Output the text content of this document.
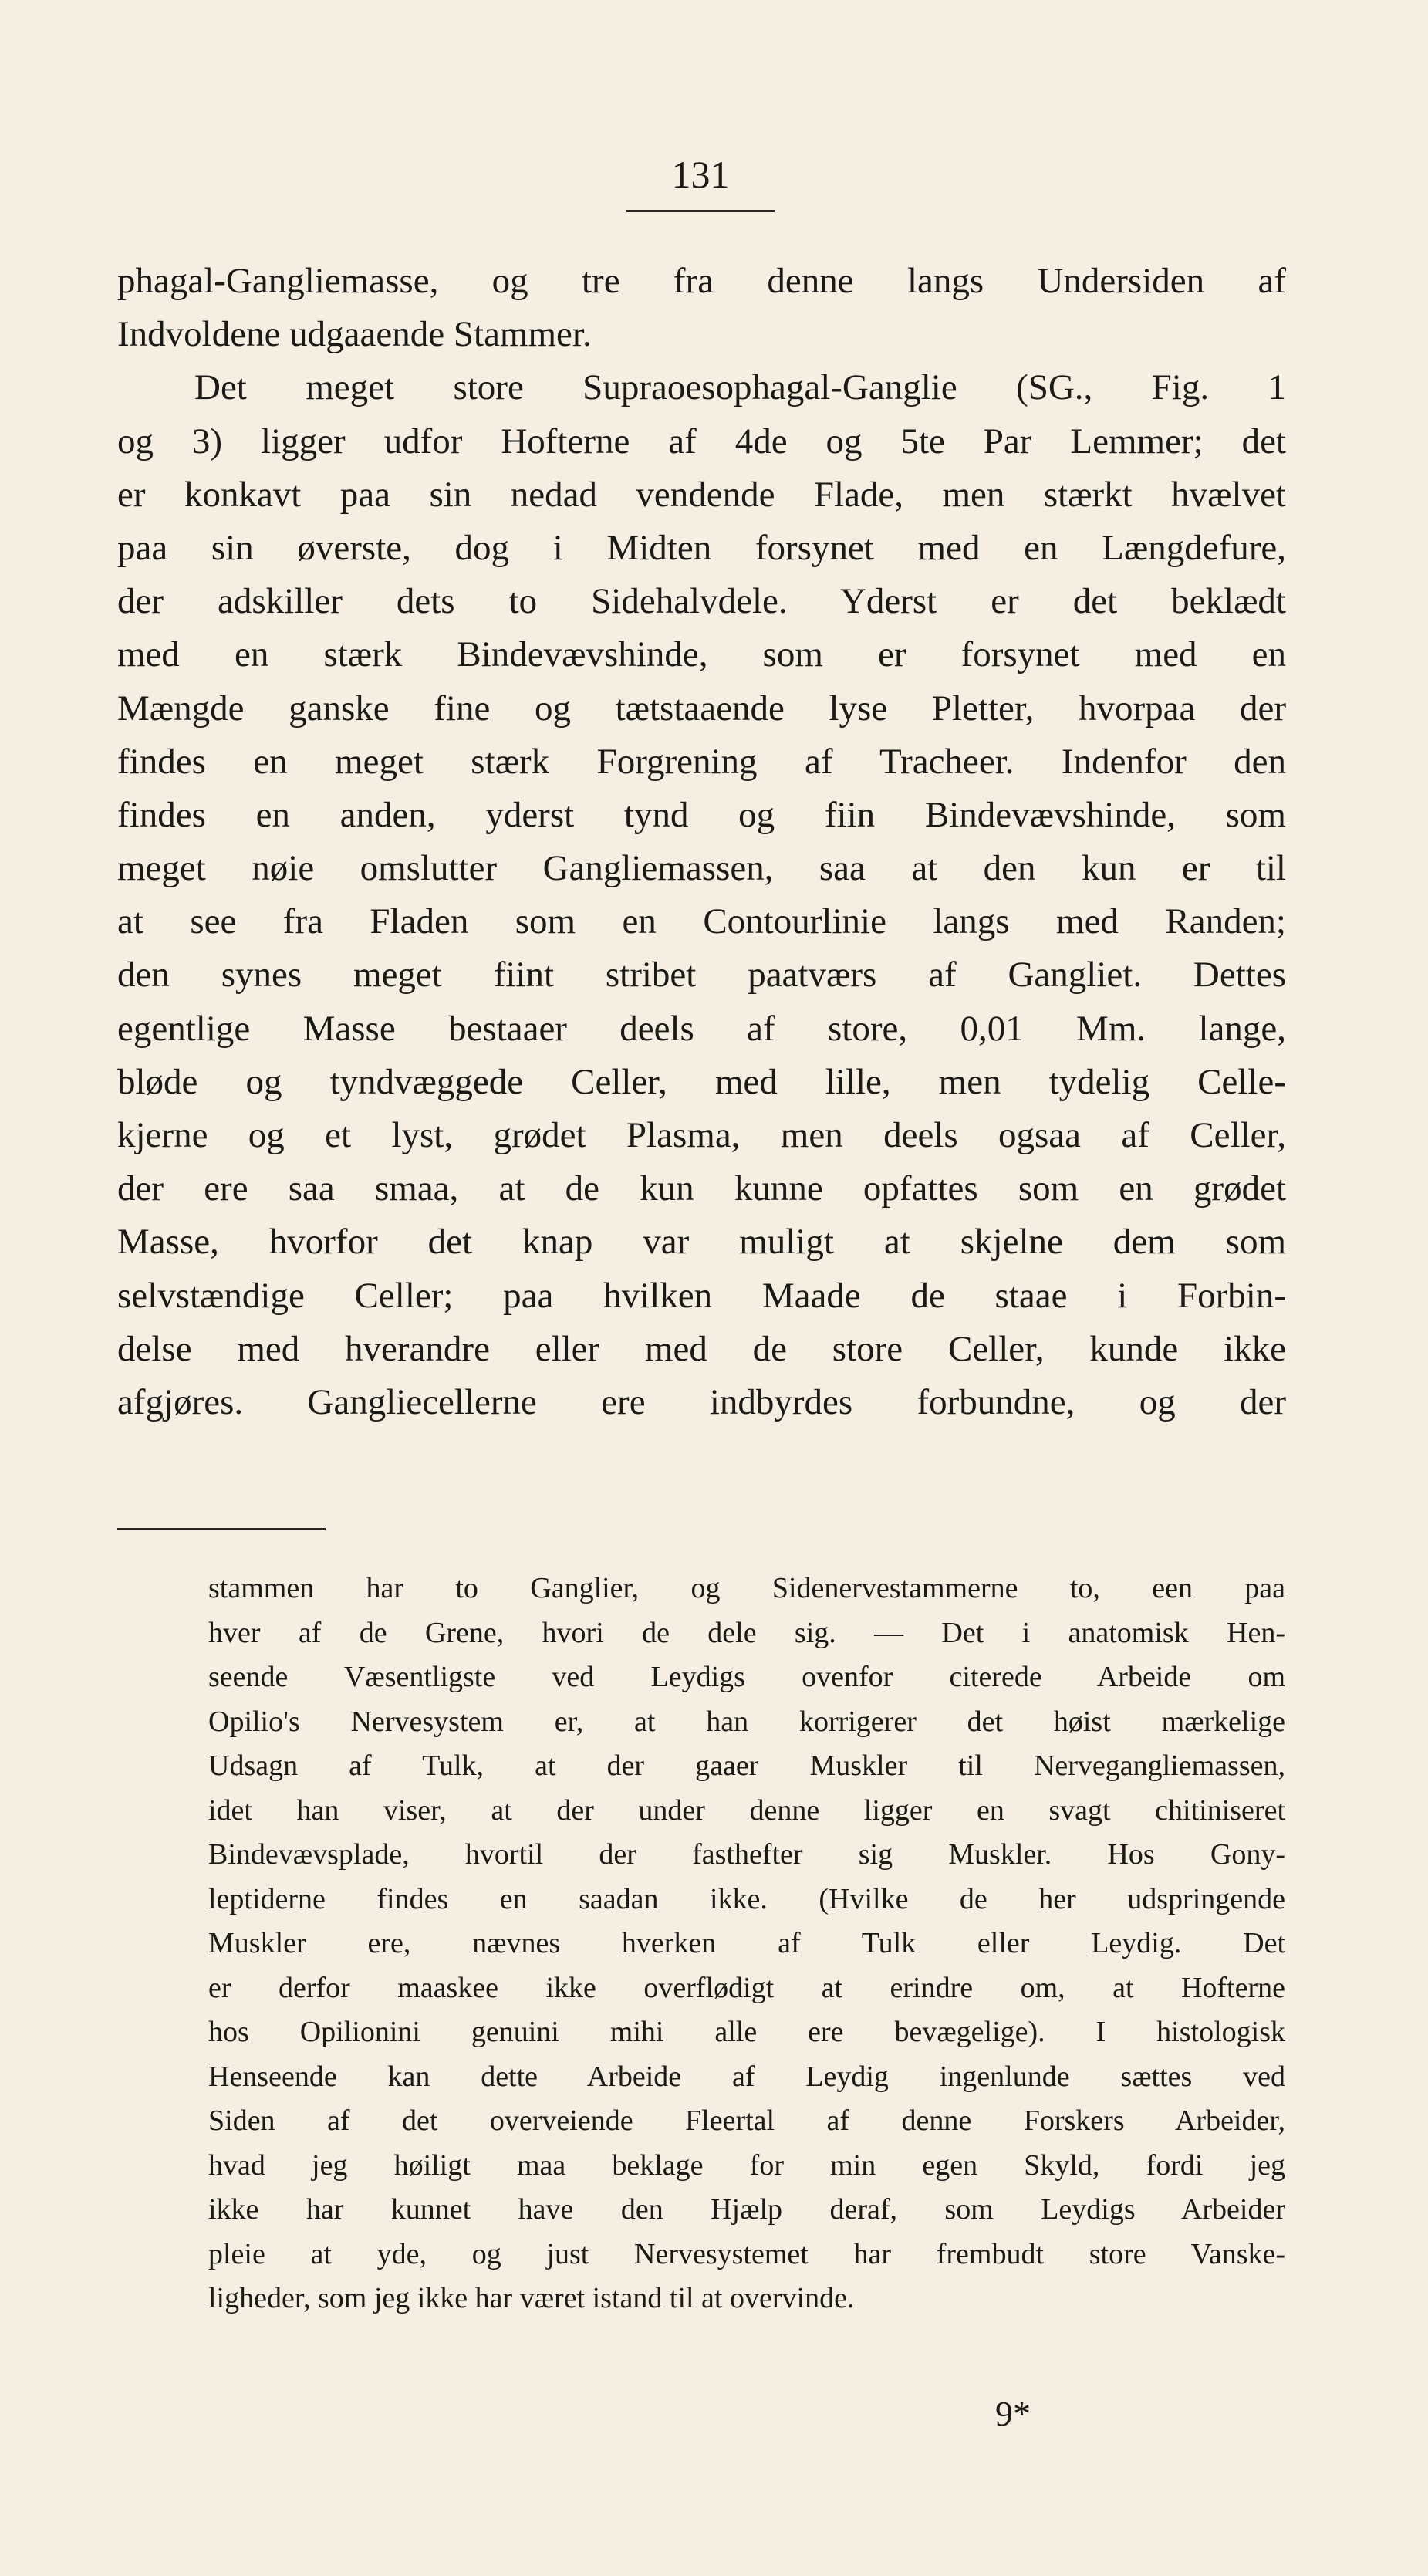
131
phagal-Gangliemasse, og tre fra denne langs Undersiden af
Indvoldene udgaaende Stammer.
Det meget store Supraoesophagal-Ganglie (SG., Fig. 1
og 3) ligger udfor Hofterne af 4de og 5te Par Lemmer; det
er konkavt paa sin nedad vendende Flade, men stærkt hvælvet
paa sin øverste, dog i Midten forsynet med en Længdefure,
der adskiller dets to Sidehalvdele. Yderst er det beklædt
med en stærk Bindevævshinde, som er forsynet med en
Mængde ganske fine og tætstaaende lyse Pletter, hvorpaa der
findes en meget stærk Forgrening af Tracheer. Indenfor den
findes en anden, yderst tynd og fiin Bindevævshinde, som
meget nøie omslutter Gangliemassen, saa at den kun er til
at see fra Fladen som en Contourlinie langs med Randen;
den synes meget fiint stribet paatværs af Gangliet. Dettes
egentlige Masse bestaaer deels af store, 0,01 Mm. lange,
bløde og tyndvæggede Celler, med lille, men tydelig Celle-
kjerne og et lyst, grødet Plasma, men deels ogsaa af Celler,
der ere saa smaa, at de kun kunne opfattes som en grødet
Masse, hvorfor det knap var muligt at skjelne dem som
selvstændige Celler; paa hvilken Maade de staae i Forbin-
delse med hverandre eller med de store Celler, kunde ikke
afgjøres. Gangliecellerne ere indbyrdes forbundne, og der
stammen har to Ganglier, og Sidenervestammerne to, een paa
hver af de Grene, hvori de dele sig. — Det i anatomisk Hen-
seende Væsentligste ved Leydigs ovenfor citerede Arbeide om
Opilio's Nervesystem er, at han korrigerer det høist mærkelige
Udsagn af Tulk, at der gaaer Muskler til Nervegangliemassen,
idet han viser, at der under denne ligger en svagt chitiniseret
Bindevævsplade, hvortil der fasthefter sig Muskler. Hos Gony-
leptiderne findes en saadan ikke. (Hvilke de her udspringende
Muskler ere, nævnes hverken af Tulk eller Leydig. Det
er derfor maaskee ikke overflødigt at erindre om, at Hofterne
hos Opilionini genuini mihi alle ere bevægelige). I histologisk
Henseende kan dette Arbeide af Leydig ingenlunde sættes ved
Siden af det overveiende Fleertal af denne Forskers Arbeider,
hvad jeg høiligt maa beklage for min egen Skyld, fordi jeg
ikke har kunnet have den Hjælp deraf, som Leydigs Arbeider
pleie at yde, og just Nervesystemet har frembudt store Vanske-
ligheder, som jeg ikke har været istand til at overvinde.
9*
